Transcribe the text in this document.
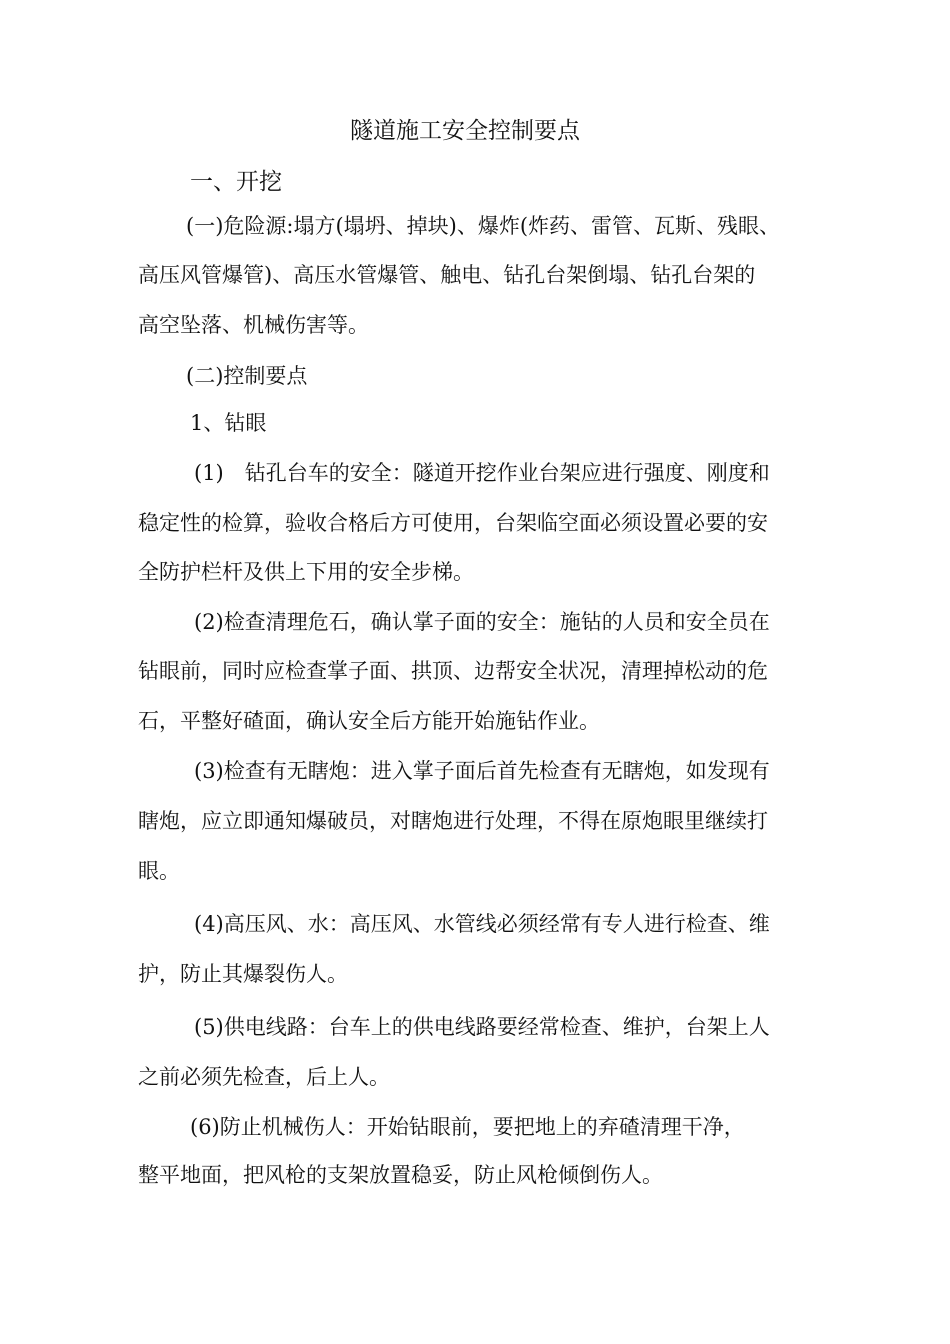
隧道施工安全控制要点
一、开挖
(一)危险源:塌方(塌坍、掉块)、爆炸(炸药、雷管、瓦斯、残眼、
高压风管爆管)、高压水管爆管、触电、钻孔台架倒塌、钻孔台架的
高空坠落、机械伤害等。
(二)控制要点
1、钻眼
(1)　钻孔台车的安全：隧道开挖作业台架应进行强度、刚度和
稳定性的检算，验收合格后方可使用，台架临空面必须设置必要的安
全防护栏杆及供上下用的安全步梯。
(2)检查清理危石，确认掌子面的安全：施钻的人员和安全员在
钻眼前，同时应检查掌子面、拱顶、边帮安全状况，清理掉松动的危
石，平整好碴面，确认安全后方能开始施钻作业。
(3)检查有无瞎炮：进入掌子面后首先检查有无瞎炮，如发现有
瞎炮，应立即通知爆破员，对瞎炮进行处理，不得在原炮眼里继续打
眼。
(4)高压风、水：高压风、水管线必须经常有专人进行检查、维
护，防止其爆裂伤人。
(5)供电线路：台车上的供电线路要经常检查、维护，台架上人
之前必须先检查，后上人。
(6)防止机械伤人：开始钻眼前，要把地上的弃碴清理干净，
整平地面，把风枪的支架放置稳妥，防止风枪倾倒伤人。
